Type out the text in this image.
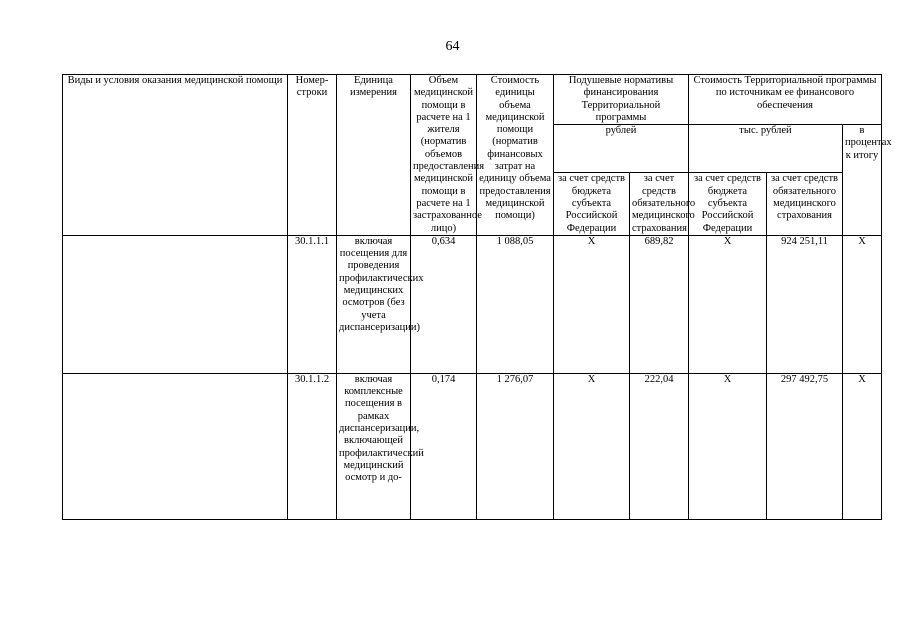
64
Виды и условия оказания медицинской помощи	Номер-строки	Единица измерения	Объем медицинской помощи в расчете на 1 жителя (норматив объемов предоставления медицинской помощи в расчете на 1 застрахованное лицо)	Стоимость единицы объема медицинской помощи (норматив финансовых затрат на единицу объема предоставления медицинской помощи)	Подушевые нормативы финансирования Территориальной программы		Стоимость Территориальной программы по источникам ее финансового обеспечения		
					рублей		тыс. рублей		в процентах к итогу
					за счет средств бюджета субъекта Российской Федерации	за счет средств обязательного медицинского страхования	за счет средств бюджета субъекта Российской Федерации	за счет средств обязательного медицинского страхования	
	30.1.1.1	включая посещения для проведения профилактических медицинских осмотров (без учета диспансеризации)	0,634	1 088,05	Х	689,82	Х	924 251,11	Х
	30.1.1.2	включая комплексные посещения в рамках диспансеризации, включающей профилактический медицинский осмотр и до-	0,174	1 276,07	Х	222,04	Х	297 492,75	Х
